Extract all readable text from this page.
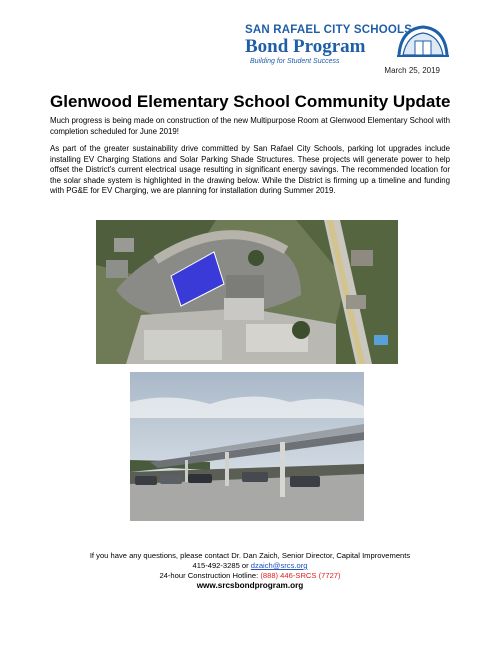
SAN RAFAEL CITY SCHOOLS
Bond Program
Building for Student Success
March 25, 2019
Glenwood Elementary School Community Update

Much progress is being made on construction of the new Multipurpose Room at Glenwood Elementary School with completion scheduled for June 2019!

As part of the greater sustainability drive committed by San Rafael City Schools, parking lot upgrades include installing EV Charging Stations and Solar Parking Shade Structures. These projects will generate power to help offset the District's current electrical usage resulting in significant energy savings. The recommended location for the solar shade system is highlighted in the drawing below. While the District is firming up a timeline and funding with PG&E for EV Charging, we are planning for installation during Summer 2019.

If you have any questions, please contact Dr. Dan Zaich, Senior Director, Capital Improvements
415-492-3285 or dzaich@srcs.org
24-hour Construction Hotline: (888) 446-SRCS (7727)
www.srcsbondprogram.org
